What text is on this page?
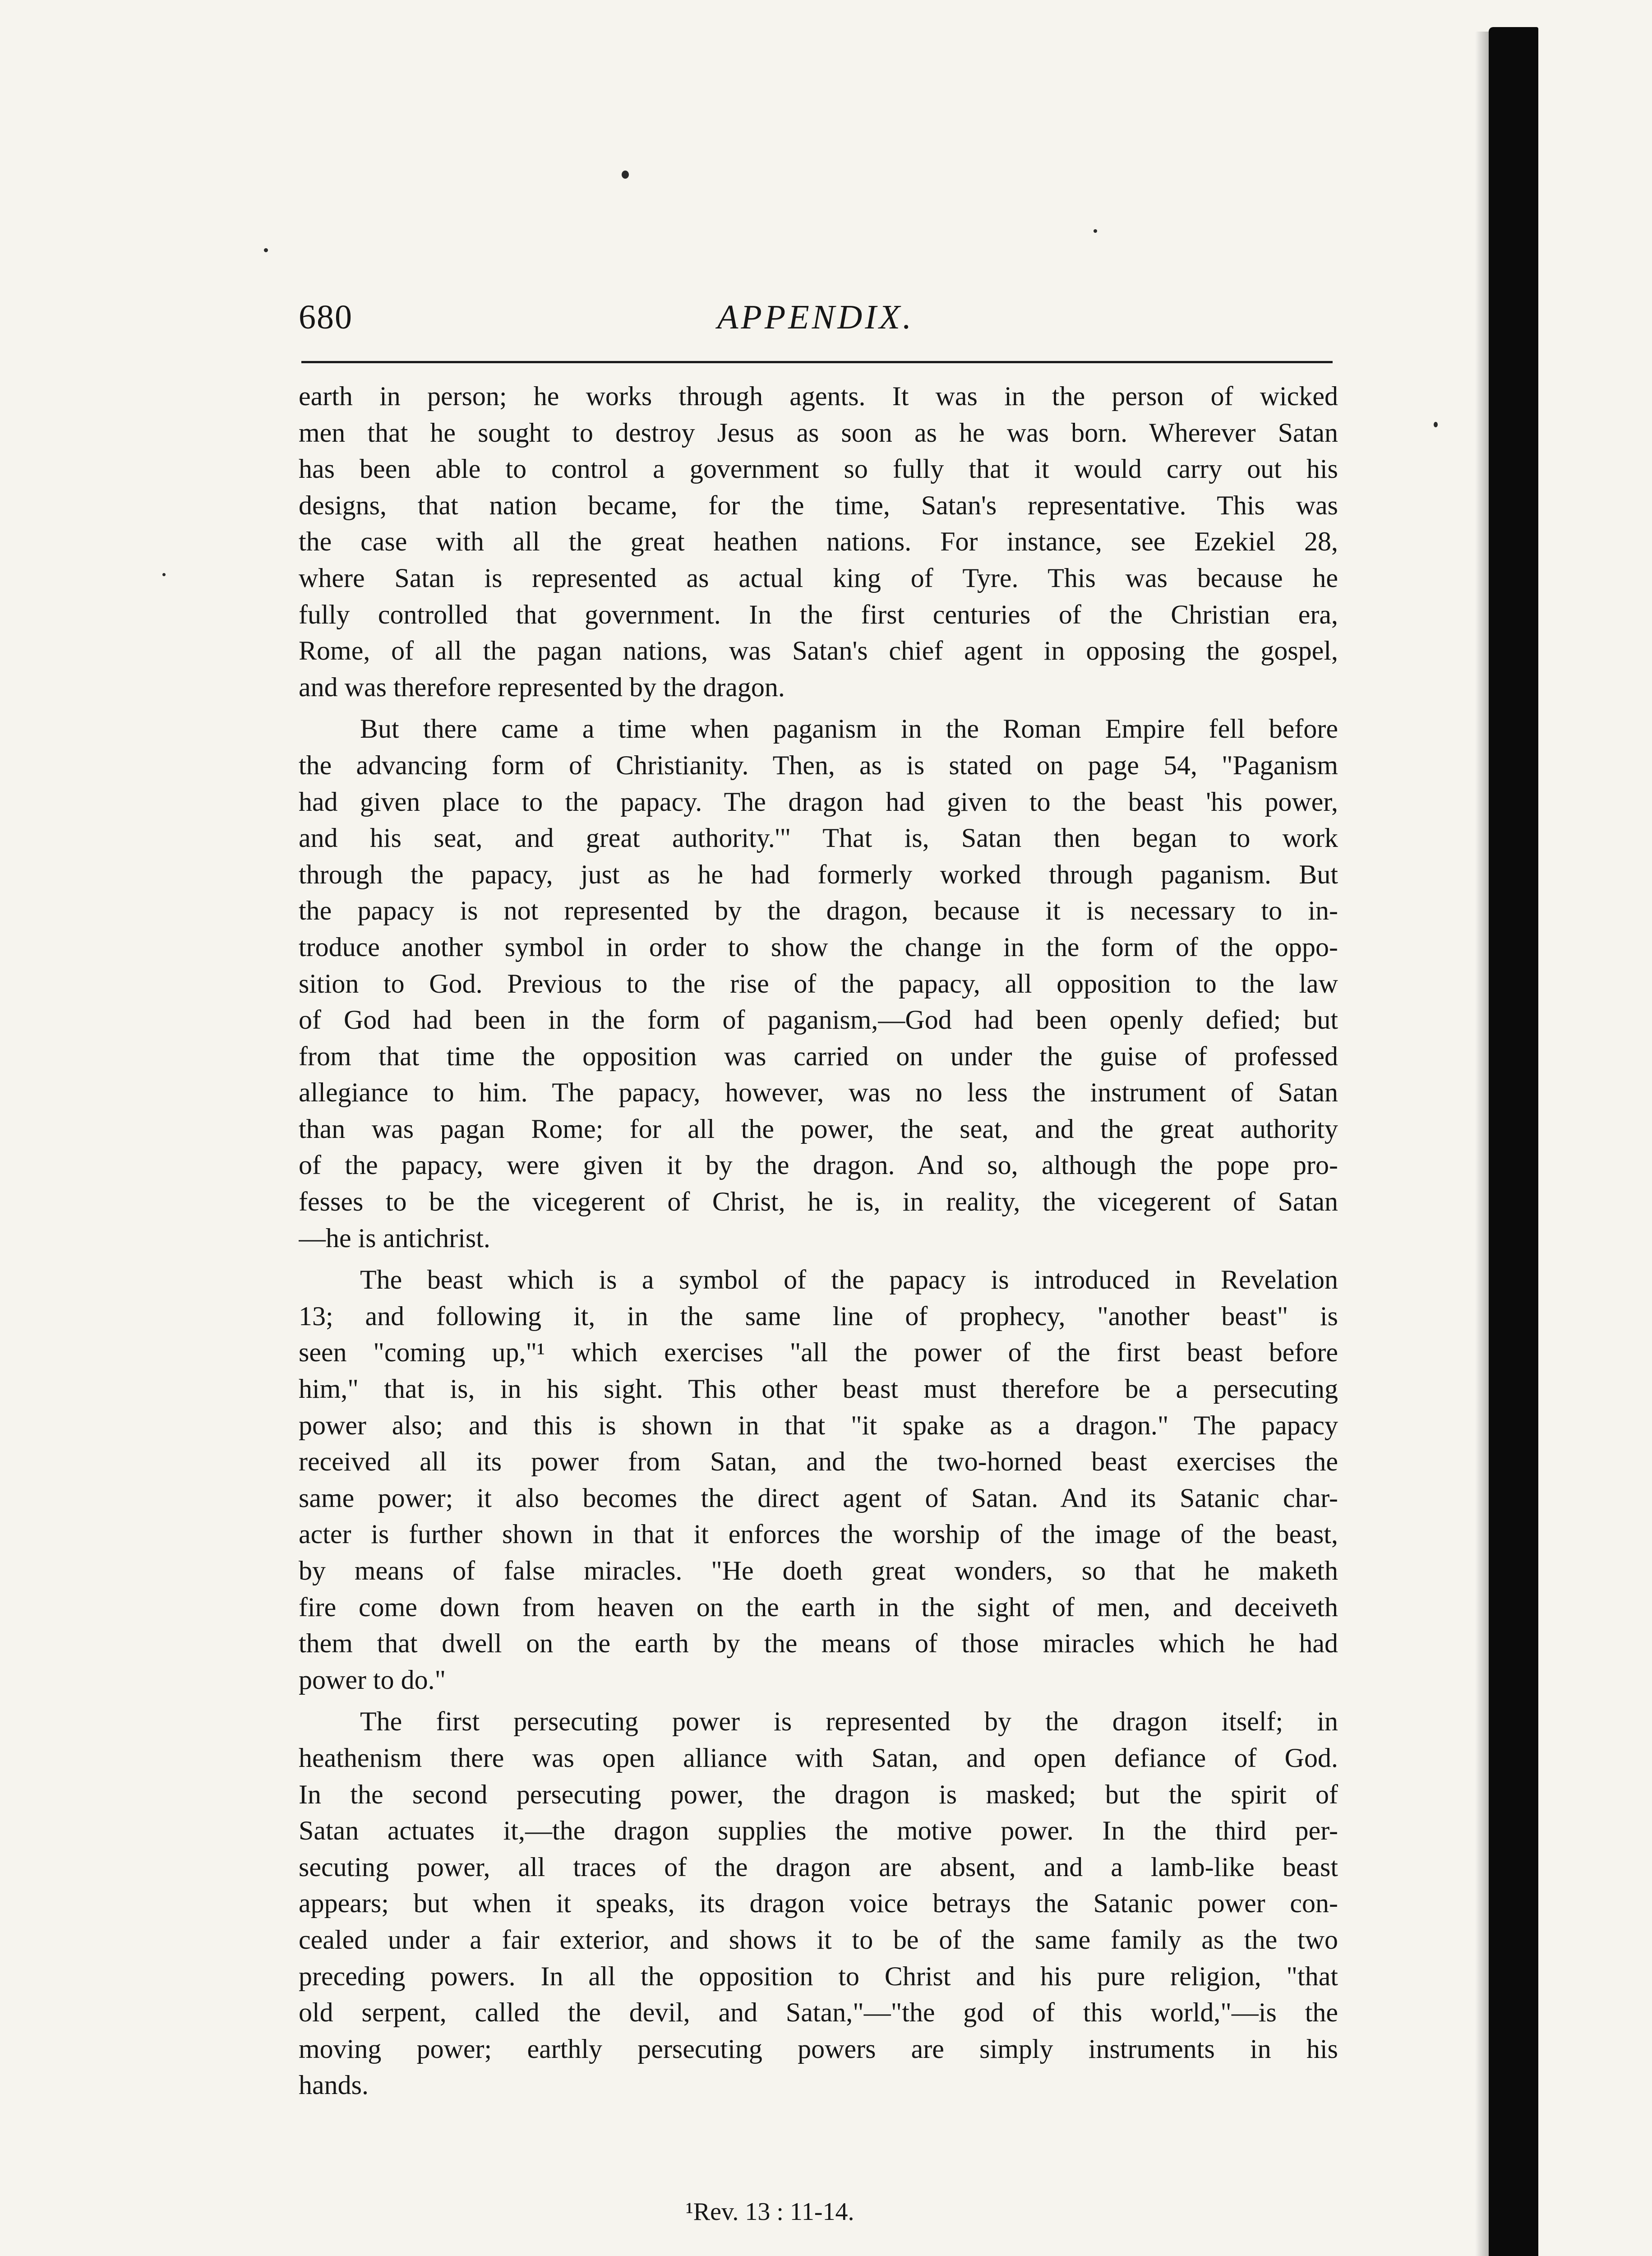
680	APPENDIX.
earth in person; he works through agents. It was in the person of wicked
men that he sought to destroy Jesus as soon as he was born. Wherever Satan
has been able to control a government so fully that it would carry out his
designs, that nation became, for the time, Satan's representative. This was
the case with all the great heathen nations. For instance, see Ezekiel 28,
where Satan is represented as actual king of Tyre. This was because he
fully controlled that government. In the first centuries of the Christian era,
Rome, of all the pagan nations, was Satan's chief agent in opposing the gospel,
and was therefore represented by the dragon.
But there came a time when paganism in the Roman Empire fell before
the advancing form of Christianity. Then, as is stated on page 54, "Paganism
had given place to the papacy. The dragon had given to the beast 'his power,
and his seat, and great authority.'" That is, Satan then began to work
through the papacy, just as he had formerly worked through paganism. But
the papacy is not represented by the dragon, because it is necessary to in-
troduce another symbol in order to show the change in the form of the oppo-
sition to God. Previous to the rise of the papacy, all opposition to the law
of God had been in the form of paganism,—God had been openly defied; but
from that time the opposition was carried on under the guise of professed
allegiance to him. The papacy, however, was no less the instrument of Satan
than was pagan Rome; for all the power, the seat, and the great authority
of the papacy, were given it by the dragon. And so, although the pope pro-
fesses to be the vicegerent of Christ, he is, in reality, the vicegerent of Satan
—he is antichrist.
The beast which is a symbol of the papacy is introduced in Revelation
13; and following it, in the same line of prophecy, "another beast" is
seen "coming up,"¹ which exercises "all the power of the first beast before
him," that is, in his sight. This other beast must therefore be a persecuting
power also; and this is shown in that "it spake as a dragon." The papacy
received all its power from Satan, and the two-horned beast exercises the
same power; it also becomes the direct agent of Satan. And its Satanic char-
acter is further shown in that it enforces the worship of the image of the beast,
by means of false miracles. "He doeth great wonders, so that he maketh
fire come down from heaven on the earth in the sight of men, and deceiveth
them that dwell on the earth by the means of those miracles which he had
power to do."
The first persecuting power is represented by the dragon itself; in
heathenism there was open alliance with Satan, and open defiance of God.
In the second persecuting power, the dragon is masked; but the spirit of
Satan actuates it,—the dragon supplies the motive power. In the third per-
secuting power, all traces of the dragon are absent, and a lamb-like beast
appears; but when it speaks, its dragon voice betrays the Satanic power con-
cealed under a fair exterior, and shows it to be of the same family as the two
preceding powers. In all the opposition to Christ and his pure religion, "that
old serpent, called the devil, and Satan,"—"the god of this world,"—is the
moving power; earthly persecuting powers are simply instruments in his
hands.
¹Rev. 13 : 11-14.
